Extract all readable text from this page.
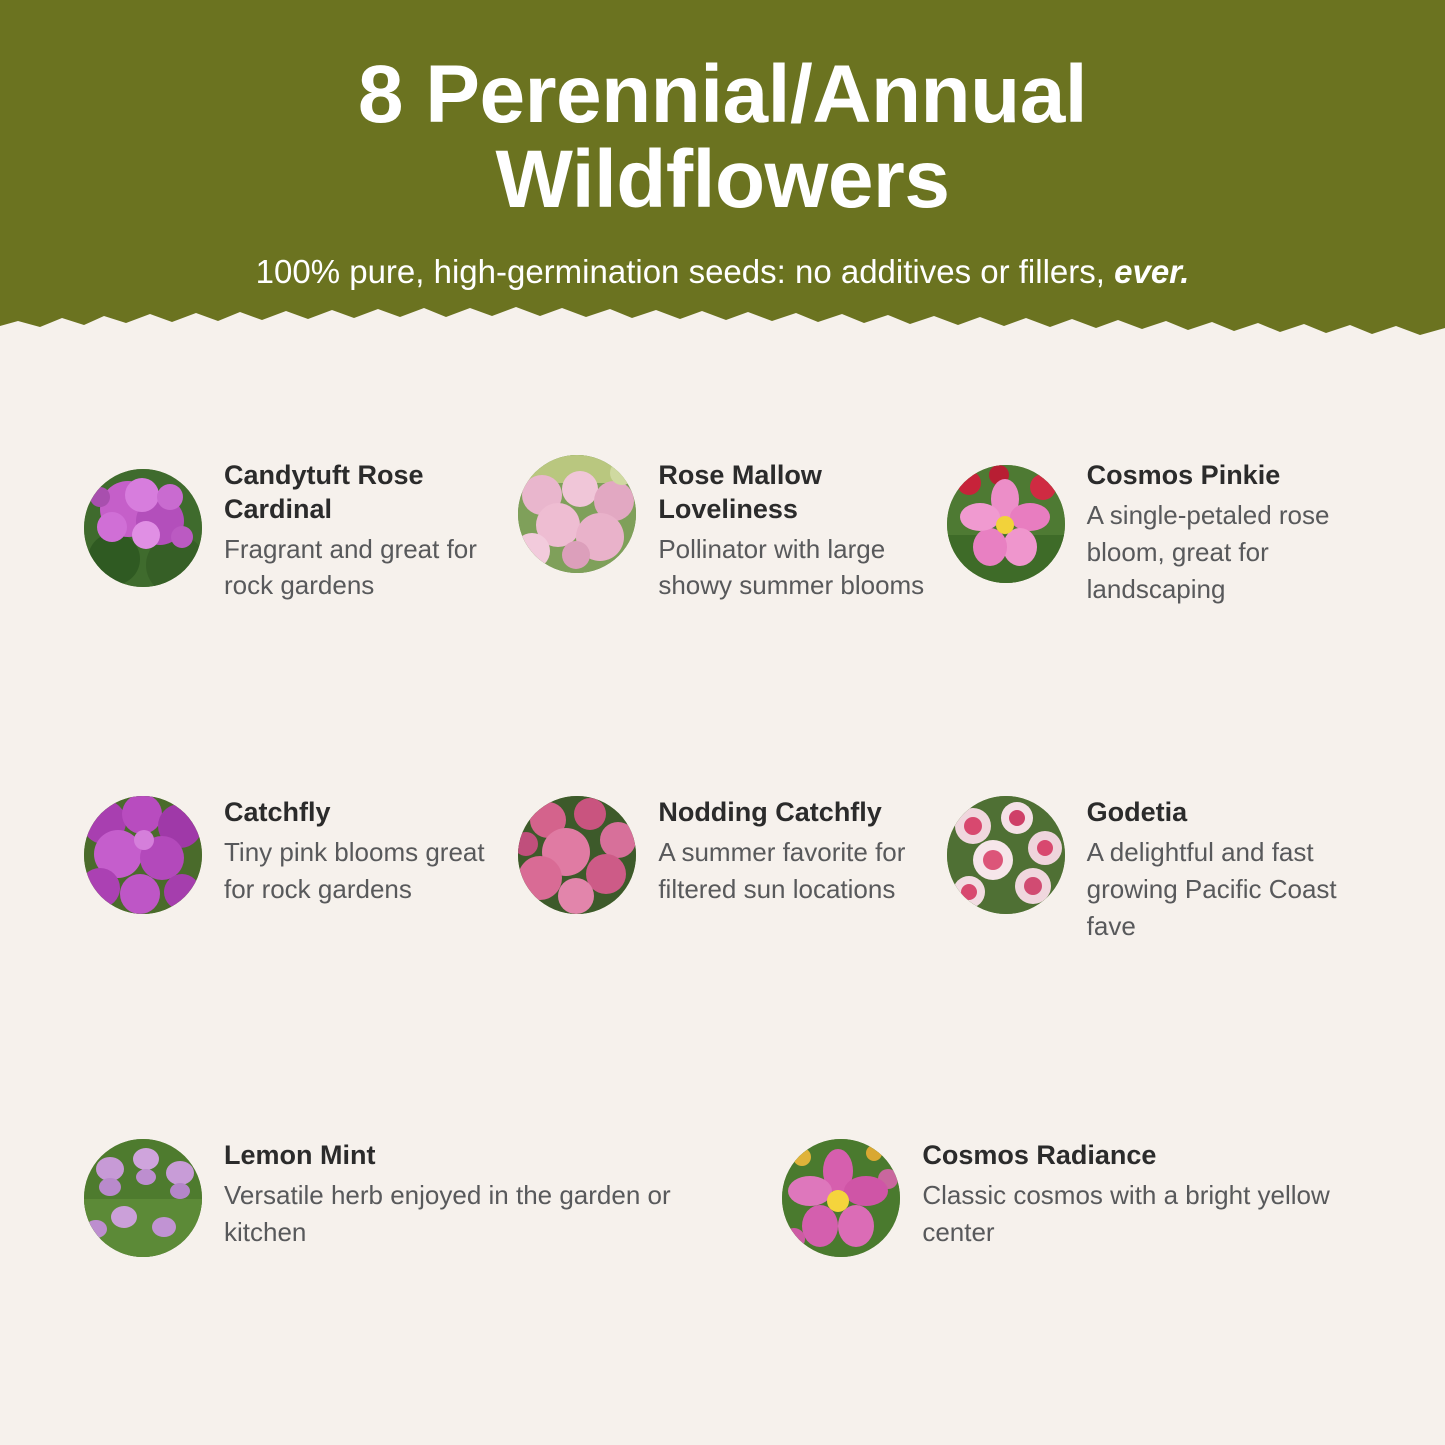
8 Perennial/Annual Wildflowers
100% pure, high-germination seeds: no additives or fillers, ever.

Candytuft Rose Cardinal

Fragrant and great for rock gardens

Rose Mallow Loveliness

Pollinator with large showy summer blooms

Cosmos Pinkie

A single-petaled rose bloom, great for landscaping

Catchfly

Tiny pink blooms great for rock gardens

Nodding Catchfly

A summer favorite for filtered sun locations

Godetia

A delightful and fast growing Pacific Coast fave

Lemon Mint

Versatile herb enjoyed in the garden or kitchen

Cosmos Radiance

Classic cosmos with a bright yellow center
